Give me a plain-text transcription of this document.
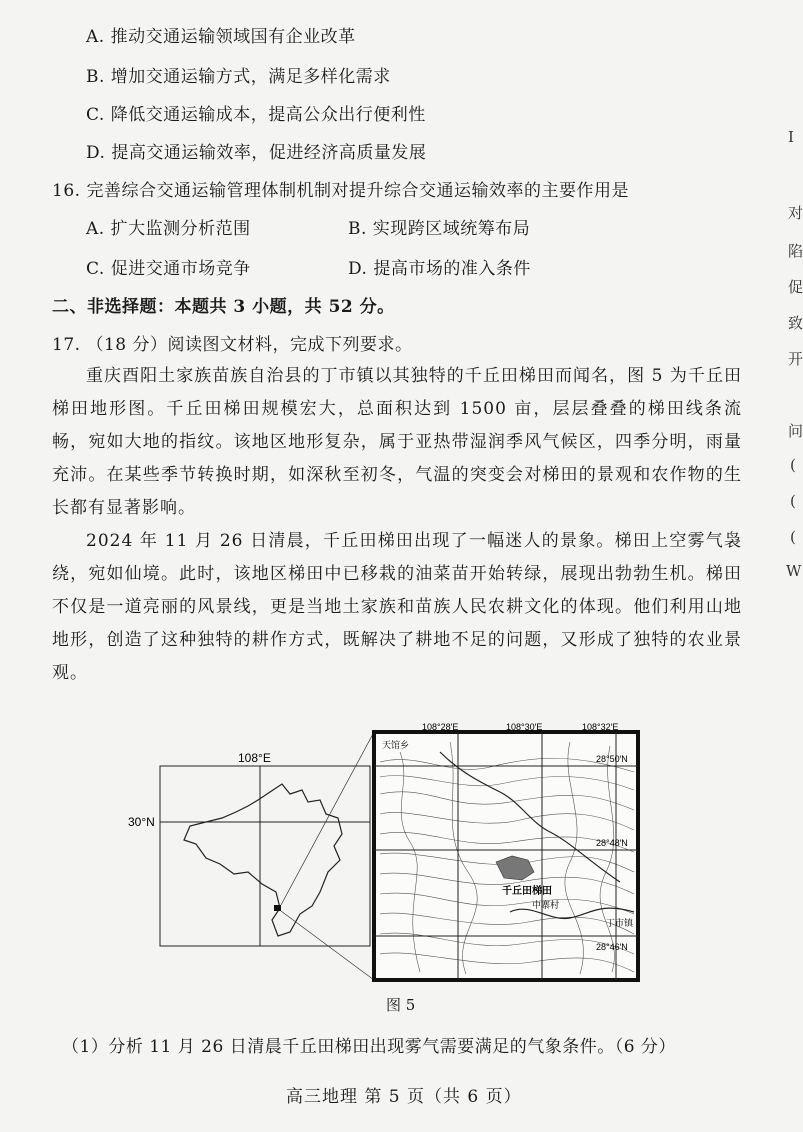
A. 推动交通运输领域国有企业改革
B. 增加交通运输方式，满足多样化需求
C. 降低交通运输成本，提高公众出行便利性
D. 提高交通运输效率，促进经济高质量发展
16. 完善综合交通运输管理体制机制对提升综合交通运输效率的主要作用是
A. 扩大监测分析范围	B. 实现跨区域统筹布局
C. 促进交通市场竞争	D. 提高市场的准入条件
二、非选择题：本题共 3 小题，共 52 分。
17. （18 分）阅读图文材料，完成下列要求。

重庆酉阳土家族苗族自治县的丁市镇以其独特的千丘田梯田而闻名，图 5 为千丘田梯田地形图。千丘田梯田规模宏大，总面积达到 1500 亩，层层叠叠的梯田线条流畅，宛如大地的指纹。该地区地形复杂，属于亚热带湿润季风气候区，四季分明，雨量充沛。在某些季节转换时期，如深秋至初冬，气温的突变会对梯田的景观和农作物的生长都有显著影响。

2024 年 11 月 26 日清晨，千丘田梯田出现了一幅迷人的景象。梯田上空雾气袅绕，宛如仙境。此时，该地区梯田中已移栽的油菜苗开始转绿，展现出勃勃生机。梯田不仅是一道亮丽的风景线，更是当地土家族和苗族人民农耕文化的体现。他们利用山地地形，创造了这种独特的耕作方式，既解决了耕地不足的问题，又形成了独特的农业景观。

108°E
30°N
108°28′E	108°30′E	108°32′E
28°50′N
28°48′N
28°46′N
天馆乡
千丘田梯田
中寨村
丁市镇
图 5
（1）分析 11 月 26 日清晨千丘田梯田出现雾气需要满足的气象条件。（6 分）
高三地理 第 5 页（共 6 页）
I
对
陷
促
致
开
问
(
(
(
W
